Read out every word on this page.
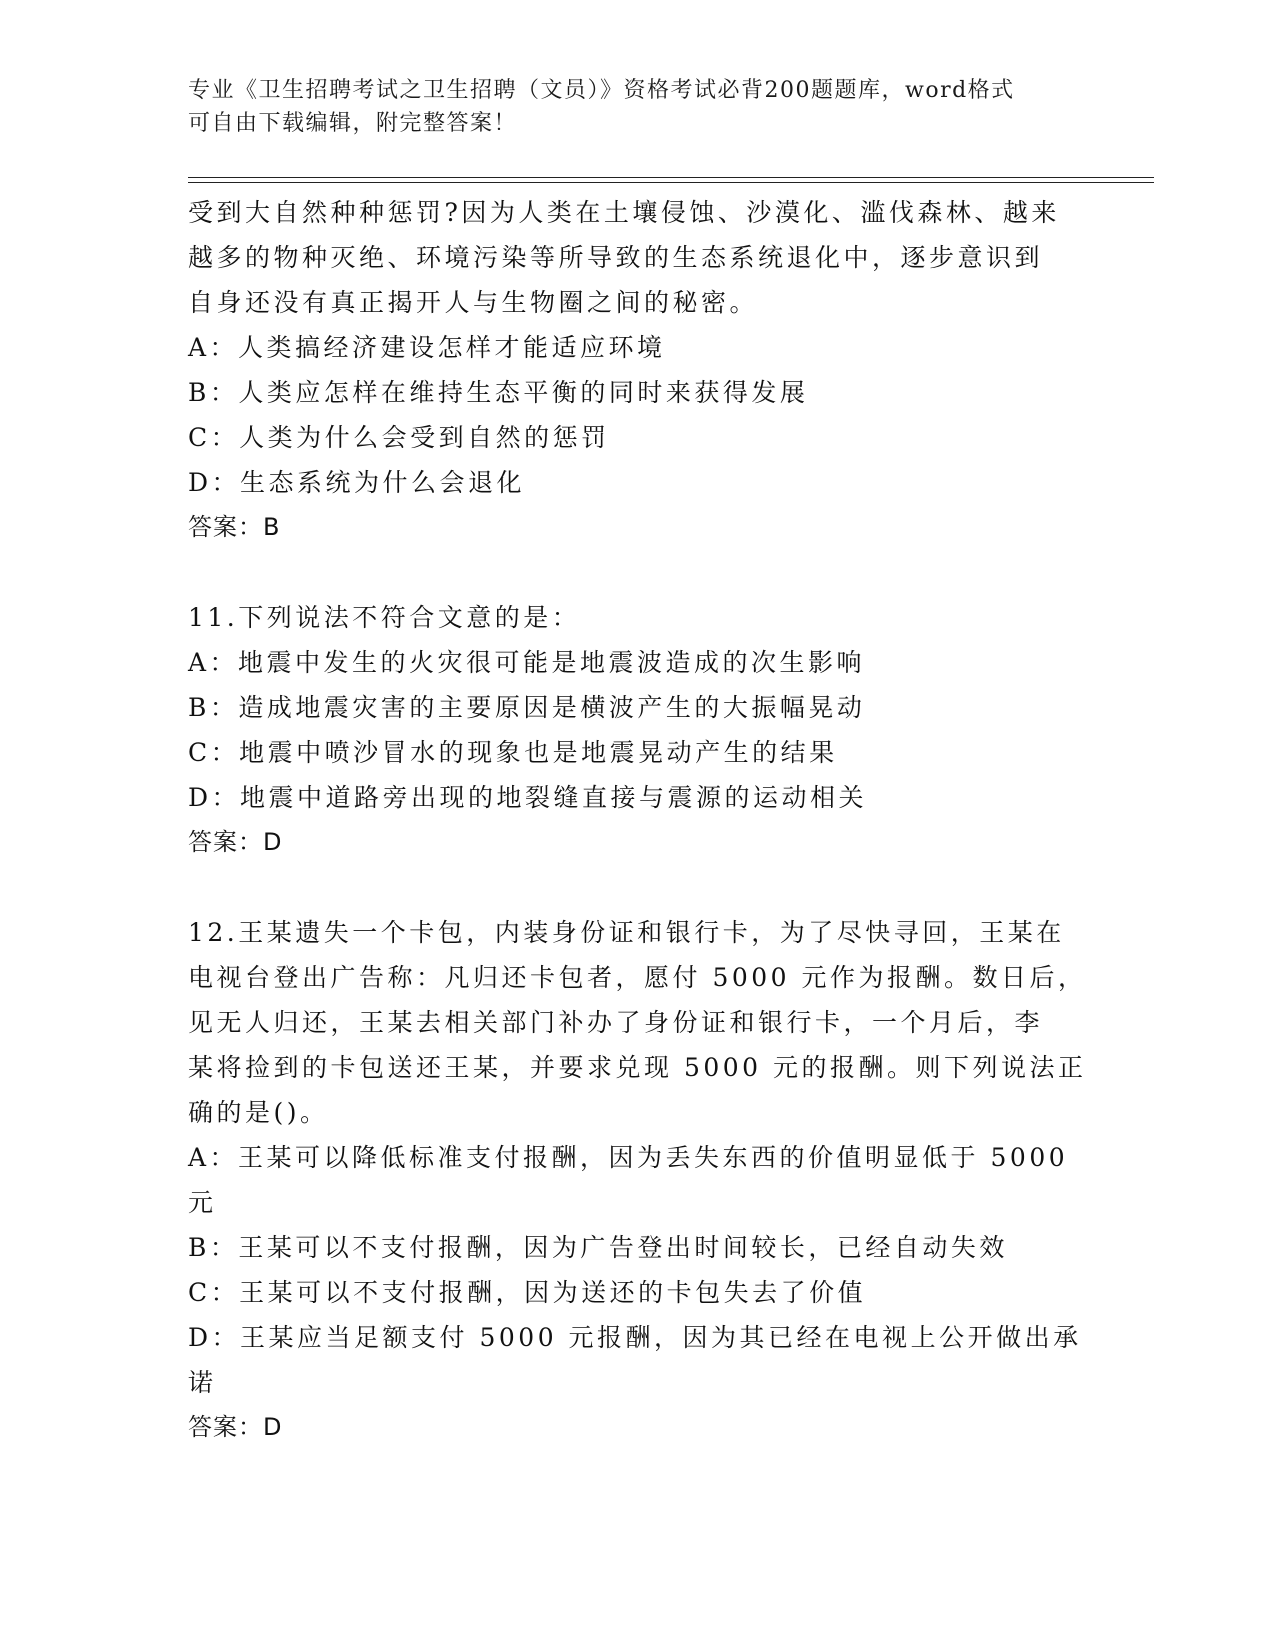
专业《卫生招聘考试之卫生招聘（文员）》资格考试必背200题题库，word格式
可自由下载编辑，附完整答案！
受到大自然种种惩罚?因为人类在土壤侵蚀、沙漠化、滥伐森林、越来
越多的物种灭绝、环境污染等所导致的生态系统退化中，逐步意识到
自身还没有真正揭开人与生物圈之间的秘密。
A：人类搞经济建设怎样才能适应环境
B：人类应怎样在维持生态平衡的同时来获得发展
C：人类为什么会受到自然的惩罚
D：生态系统为什么会退化
答案：B
11.下列说法不符合文意的是：
A：地震中发生的火灾很可能是地震波造成的次生影响
B：造成地震灾害的主要原因是横波产生的大振幅晃动
C：地震中喷沙冒水的现象也是地震晃动产生的结果
D：地震中道路旁出现的地裂缝直接与震源的运动相关
答案：D
12.王某遗失一个卡包，内装身份证和银行卡，为了尽快寻回，王某在
电视台登出广告称：凡归还卡包者，愿付 5000 元作为报酬。数日后，
见无人归还，王某去相关部门补办了身份证和银行卡，一个月后，李
某将捡到的卡包送还王某，并要求兑现 5000 元的报酬。则下列说法正
确的是()。
A：王某可以降低标准支付报酬，因为丢失东西的价值明显低于 5000
元
B：王某可以不支付报酬，因为广告登出时间较长，已经自动失效
C：王某可以不支付报酬，因为送还的卡包失去了价值
D：王某应当足额支付 5000 元报酬，因为其已经在电视上公开做出承
诺
答案：D
